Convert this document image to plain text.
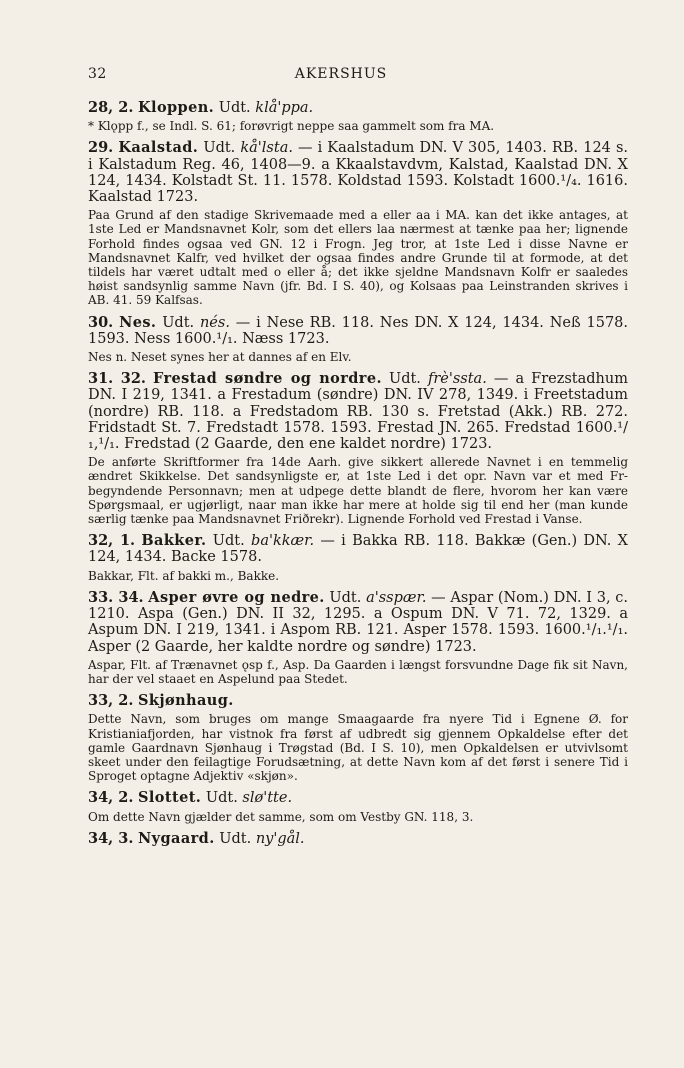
32	AKERSHUS

28, 2. Kloppen. Udt. klå'ppa.

* Klǫpp f., se Indl. S. 61; forøvrigt neppe saa gammelt som fra MA.

29. Kaalstad. Udt. kå'lsta. — i Kaalstadum DN. V 305, 1403. RB. 124 s. i Kalstadum Reg. 46, 1408—9. a Kkaalstavdvm, Kalstad, Kaalstad DN. X 124, 1434. Kolstadt St. 11. 1578. Koldstad 1593. Kolstadt 1600.¹/₄. 1616. Kaalstad 1723.

Paa Grund af den stadige Skrivemaade med a eller aa i MA. kan det ikke antages, at 1ste Led er Mandsnavnet Kolr, som det ellers laa nærmest at tænke paa her; lignende Forhold findes ogsaa ved GN. 12 i Frogn. Jeg tror, at 1ste Led i disse Navne er Mandsnavnet Kalfr, ved hvilket der ogsaa findes andre Grunde til at formode, at det tildels har været udtalt med o eller å; det ikke sjeldne Mandsnavn Kolfr er saaledes høist sandsynlig samme Navn (jfr. Bd. I S. 40), og Kolsaas paa Leinstranden skrives i AB. 41. 59 Kalfsas.

30. Nes. Udt. nés. — i Nese RB. 118. Nes DN. X 124, 1434. Neß 1578. 1593. Ness 1600.¹/₁. Næss 1723.

Nes n. Neset synes her at dannes af en Elv.

31. 32. Frestad søndre og nordre. Udt. frè'ssta. — a Frezstadhum DN. I 219, 1341. a Frestadum (søndre) DN. IV 278, 1349. i Freetstadum (nordre) RB. 118. a Fredstadom RB. 130 s. Fretstad (Akk.) RB. 272. Fridstadt St. 7. Fredstadt 1578. 1593. Frestad JN. 265. Fredstad 1600.¹/₁,¹/₁. Fredstad (2 Gaarde, den ene kaldet nordre) 1723.

De anførte Skriftformer fra 14de Aarh. give sikkert allerede Navnet i en temmelig ændret Skikkelse. Det sandsynligste er, at 1ste Led i det opr. Navn var et med Fr- begyndende Personnavn; men at udpege dette blandt de flere, hvorom her kan være Spørgsmaal, er ugjørligt, naar man ikke har mere at holde sig til end her (man kunde særlig tænke paa Mandsnavnet Friðrekr). Lignende Forhold ved Frestad i Vanse.

32, 1. Bakker. Udt. ba'kkær. — i Bakka RB. 118. Bakkæ (Gen.) DN. X 124, 1434. Backe 1578.

Bakkar, Flt. af bakki m., Bakke.

33. 34. Asper øvre og nedre. Udt. a'sspær. — Aspar (Nom.) DN. I 3, c. 1210. Aspa (Gen.) DN. II 32, 1295. a Ospum DN. V 71. 72, 1329. a Aspum DN. I 219, 1341. i Aspom RB. 121. Asper 1578. 1593. 1600.¹/₁.¹/₁. Asper (2 Gaarde, her kaldte nordre og søndre) 1723.

Aspar, Flt. af Trænavnet ǫsp f., Asp. Da Gaarden i længst forsvundne Dage fik sit Navn, har der vel staaet en Aspelund paa Stedet.

33, 2. Skjønhaug.

Dette Navn, som bruges om mange Smaagaarde fra nyere Tid i Egnene Ø. for Kristianiafjorden, har vistnok fra først af udbredt sig gjennem Opkaldelse efter det gamle Gaardnavn Sjønhaug i Trøgstad (Bd. I S. 10), men Opkaldelsen er utvivlsomt skeet under den feilagtige Forudsætning, at dette Navn kom af det først i senere Tid i Sproget optagne Adjektiv «skjøn».

34, 2. Slottet. Udt. slø'tte.

Om dette Navn gjælder det samme, som om Vestby GN. 118, 3.

34, 3. Nygaard. Udt. ny'gål.
